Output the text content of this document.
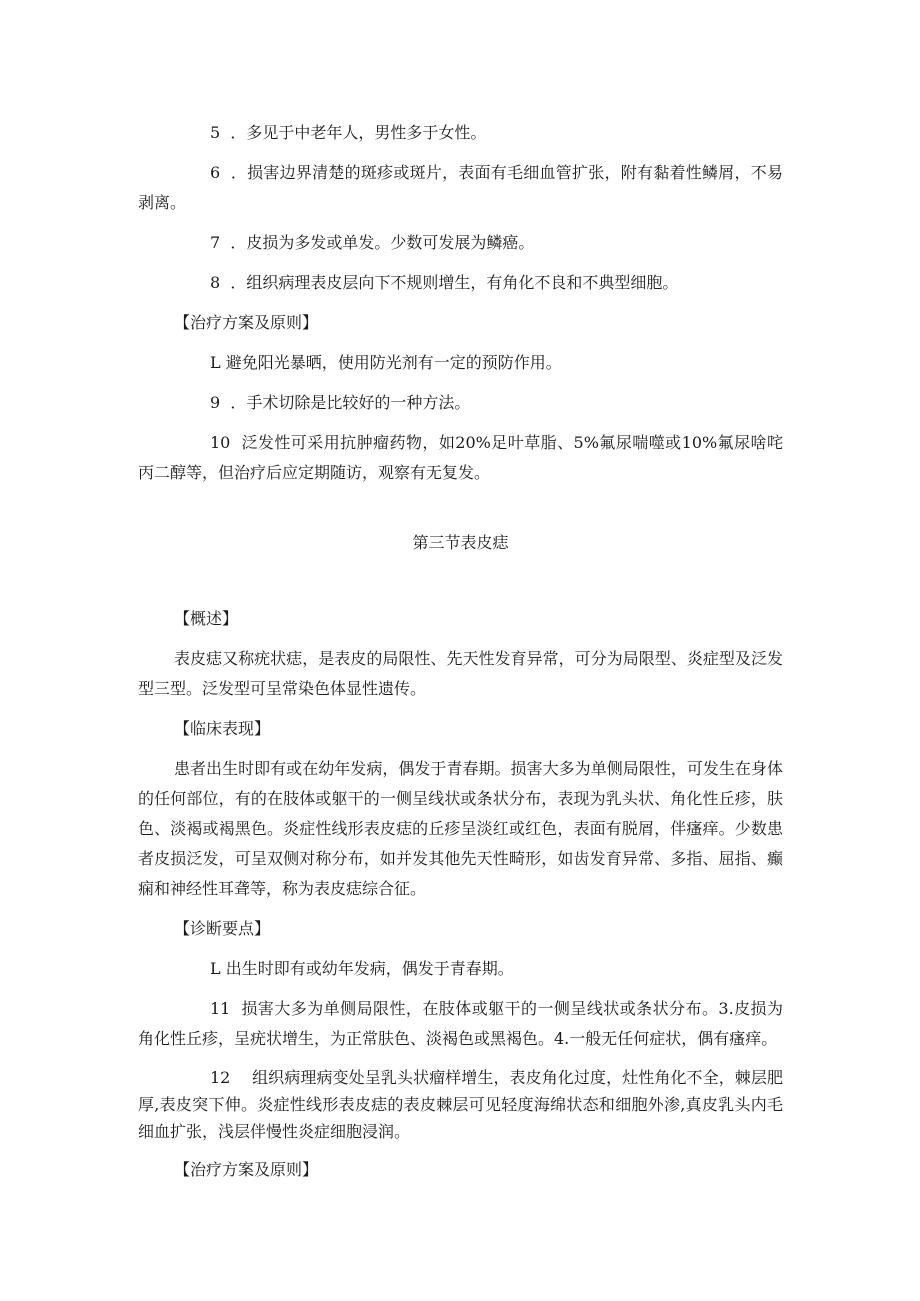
5 ．多见于中老年人，男性多于女性。

6 ．损害边界清楚的斑疹或斑片，表面有毛细血管扩张，附有黏着性鳞屑，不易剥离。

7 ．皮损为多发或单发。少数可发展为鳞癌。

8 ．组织病理表皮层向下不规则增生，有角化不良和不典型细胞。

【治疗方案及原则】

L 避免阳光暴晒，使用防光剂有一定的预防作用。

9 ．手术切除是比较好的一种方法。

10 泛发性可采用抗肿瘤药物，如20%足叶草脂、5%氟尿喘噬或10%氟尿啥咤丙二醇等，但治疗后应定期随访，观察有无复发。

第三节表皮痣

【概述】

表皮痣又称疣状痣，是表皮的局限性、先天性发育异常，可分为局限型、炎症型及泛发型三型。泛发型可呈常染色体显性遗传。

【临床表现】

患者出生时即有或在幼年发病，偶发于青春期。损害大多为单侧局限性，可发生在身体的任何部位，有的在肢体或躯干的一侧呈线状或条状分布，表现为乳头状、角化性丘疹，肤色、淡褐或褐黑色。炎症性线形表皮痣的丘疹呈淡红或红色，表面有脱屑，伴瘙痒。少数患者皮损泛发，可呈双侧对称分布，如并发其他先天性畸形，如齿发育异常、多指、屈指、癫痫和神经性耳聋等，称为表皮痣综合征。

【诊断要点】

L 出生时即有或幼年发病，偶发于青春期。

11 损害大多为单侧局限性，在肢体或躯干的一侧呈线状或条状分布。3.皮损为角化性丘疹，呈疣状增生，为正常肤色、淡褐色或黑褐色。4.一般无任何症状，偶有瘙痒。

12 组织病理病变处呈乳头状瘤样增生，表皮角化过度，灶性角化不全，棘层肥厚,表皮突下伸。炎症性线形表皮痣的表皮棘层可见轻度海绵状态和细胞外渗,真皮乳头内毛细血扩张，浅层伴慢性炎症细胞浸润。

【治疗方案及原则】
